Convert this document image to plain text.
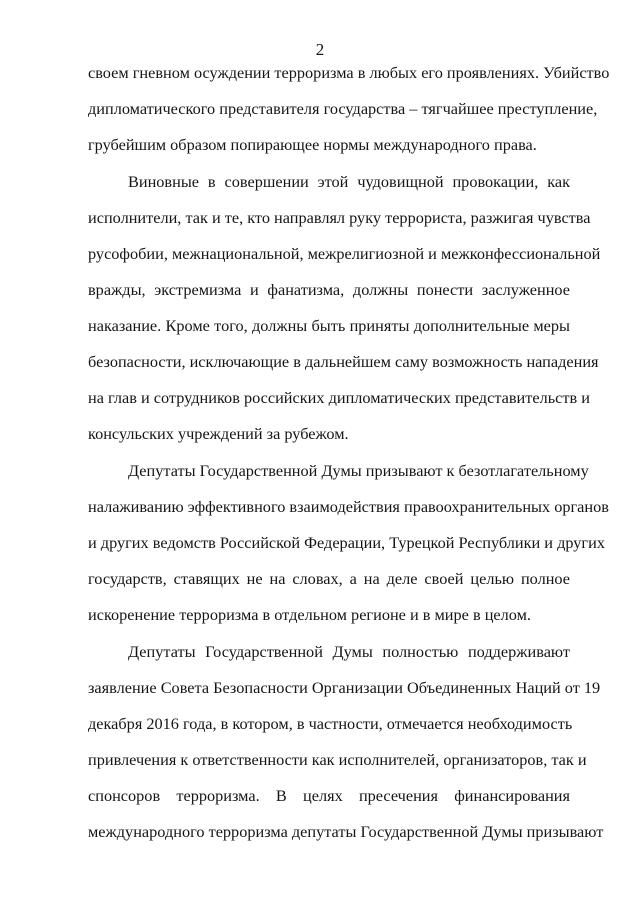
2
своем гневном осуждении терроризма в любых его проявлениях. Убийство
дипломатического представителя государства – тягчайшее преступление,
грубейшим образом попирающее нормы международного права.
Виновные в совершении этой чудовищной провокации, как
исполнители, так и те, кто направлял руку террориста, разжигая чувства
русофобии, межнациональной, межрелигиозной и межконфессиональной
вражды, экстремизма и фанатизма, должны понести заслуженное
наказание. Кроме того, должны быть приняты дополнительные меры
безопасности, исключающие в дальнейшем саму возможность нападения
на глав и сотрудников российских дипломатических представительств и
консульских учреждений за рубежом.
Депутаты Государственной Думы призывают к безотлагательному
налаживанию эффективного взаимодействия правоохранительных органов
и других ведомств Российской Федерации, Турецкой Республики и других
государств, ставящих не на словах, а на деле своей целью полное
искоренение терроризма в отдельном регионе и в мире в целом.
Депутаты Государственной Думы полностью поддерживают
заявление Совета Безопасности Организации Объединенных Наций от 19
декабря 2016 года, в котором, в частности, отмечается необходимость
привлечения к ответственности как исполнителей, организаторов, так и
спонсоров терроризма. В целях пресечения финансирования
международного терроризма депутаты Государственной Думы призывают
